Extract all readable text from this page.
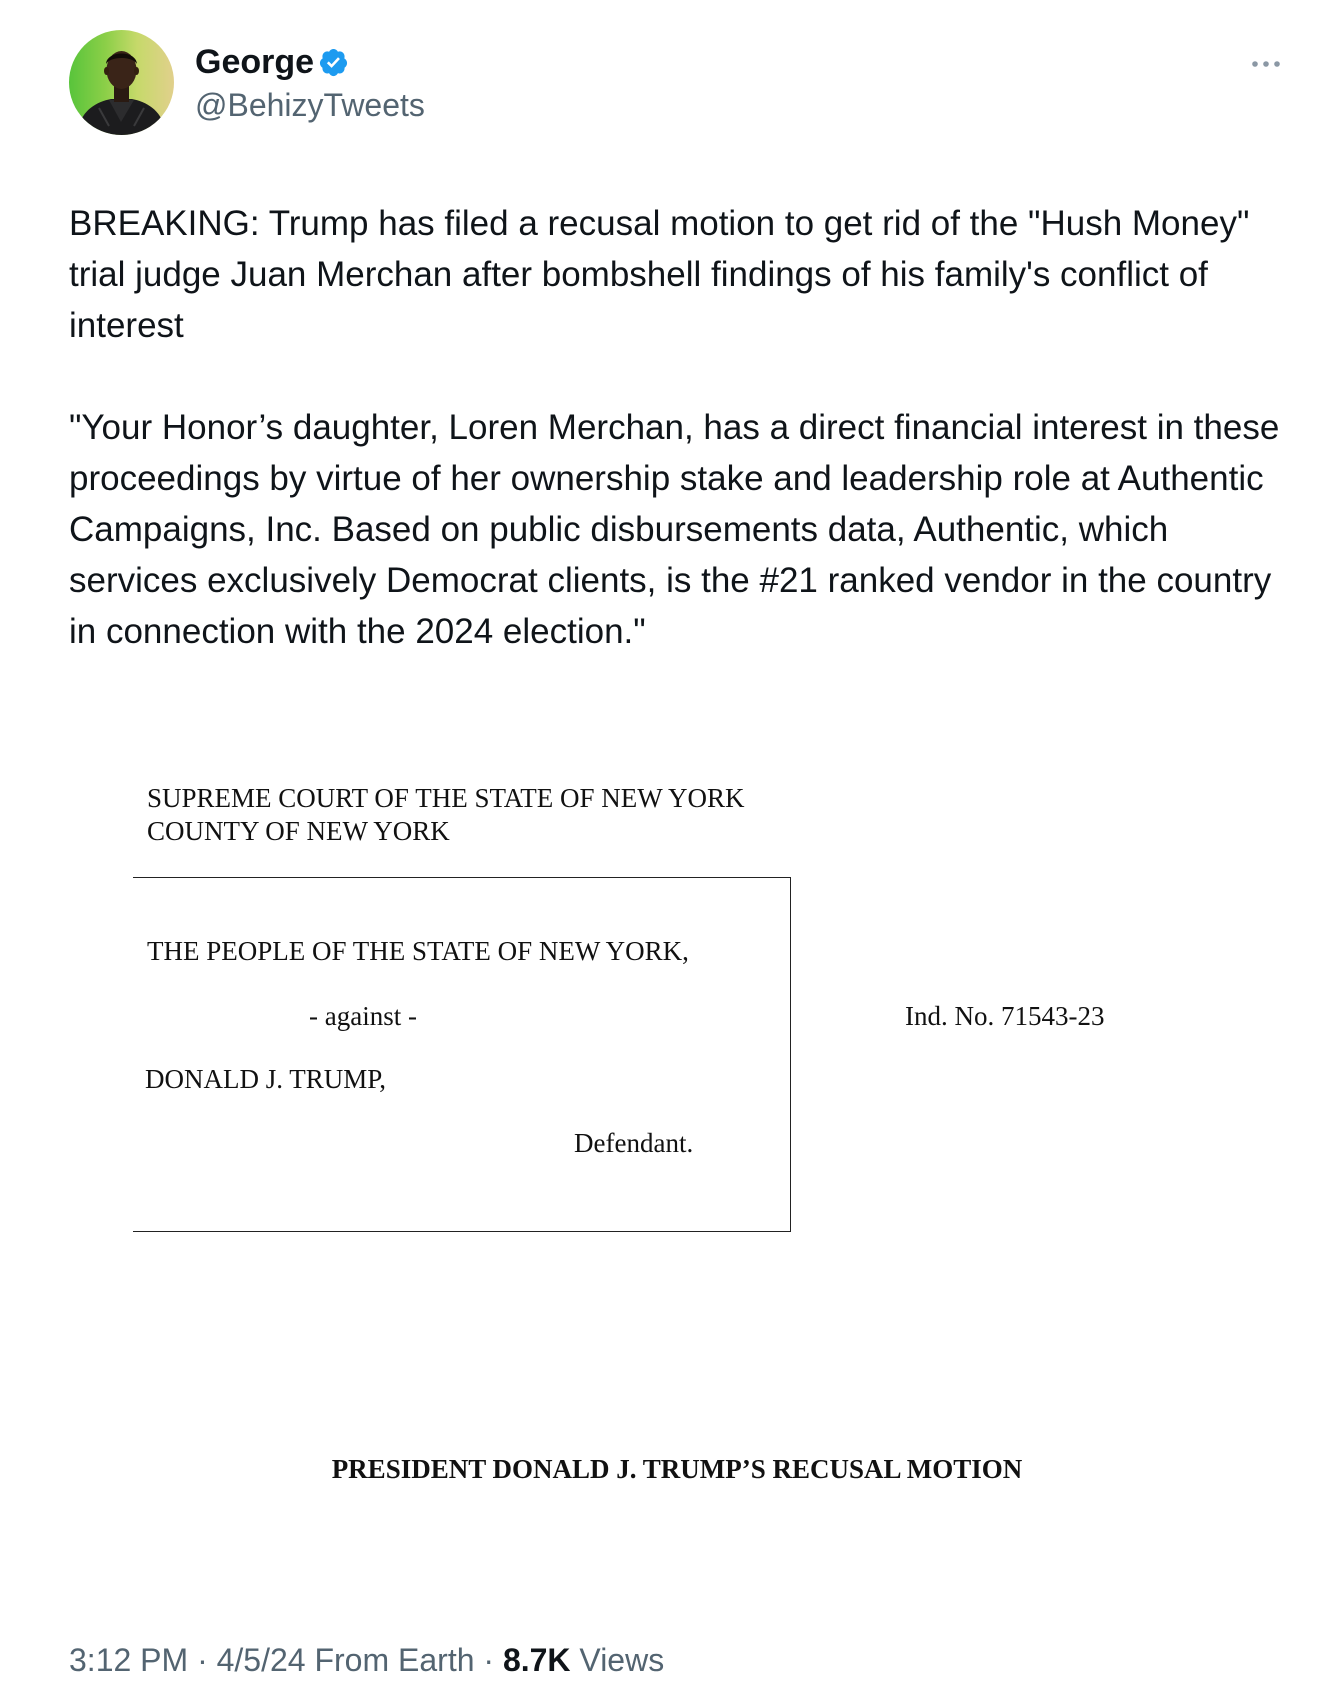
George
@BehizyTweets

BREAKING: Trump has filed a recusal motion to get rid of the "Hush Money" trial judge Juan Merchan after bombshell findings of his family's conflict of interest

"Your Honor’s daughter, Loren Merchan, has a direct financial interest in these proceedings by virtue of her ownership stake and leadership role at Authentic Campaigns, Inc. Based on public disbursements data, Authentic, which services exclusively Democrat clients, is the #21 ranked vendor in the country in connection with the 2024 election."

SUPREME COURT OF THE STATE OF NEW YORK
COUNTY OF NEW YORK
THE PEOPLE OF THE STATE OF NEW YORK,
- against -
DONALD J. TRUMP,
Defendant.
Ind. No. 71543-23
PRESIDENT DONALD J. TRUMP’S RECUSAL MOTION
3:12 PM · 4/5/24 From Earth · 8.7K Views
